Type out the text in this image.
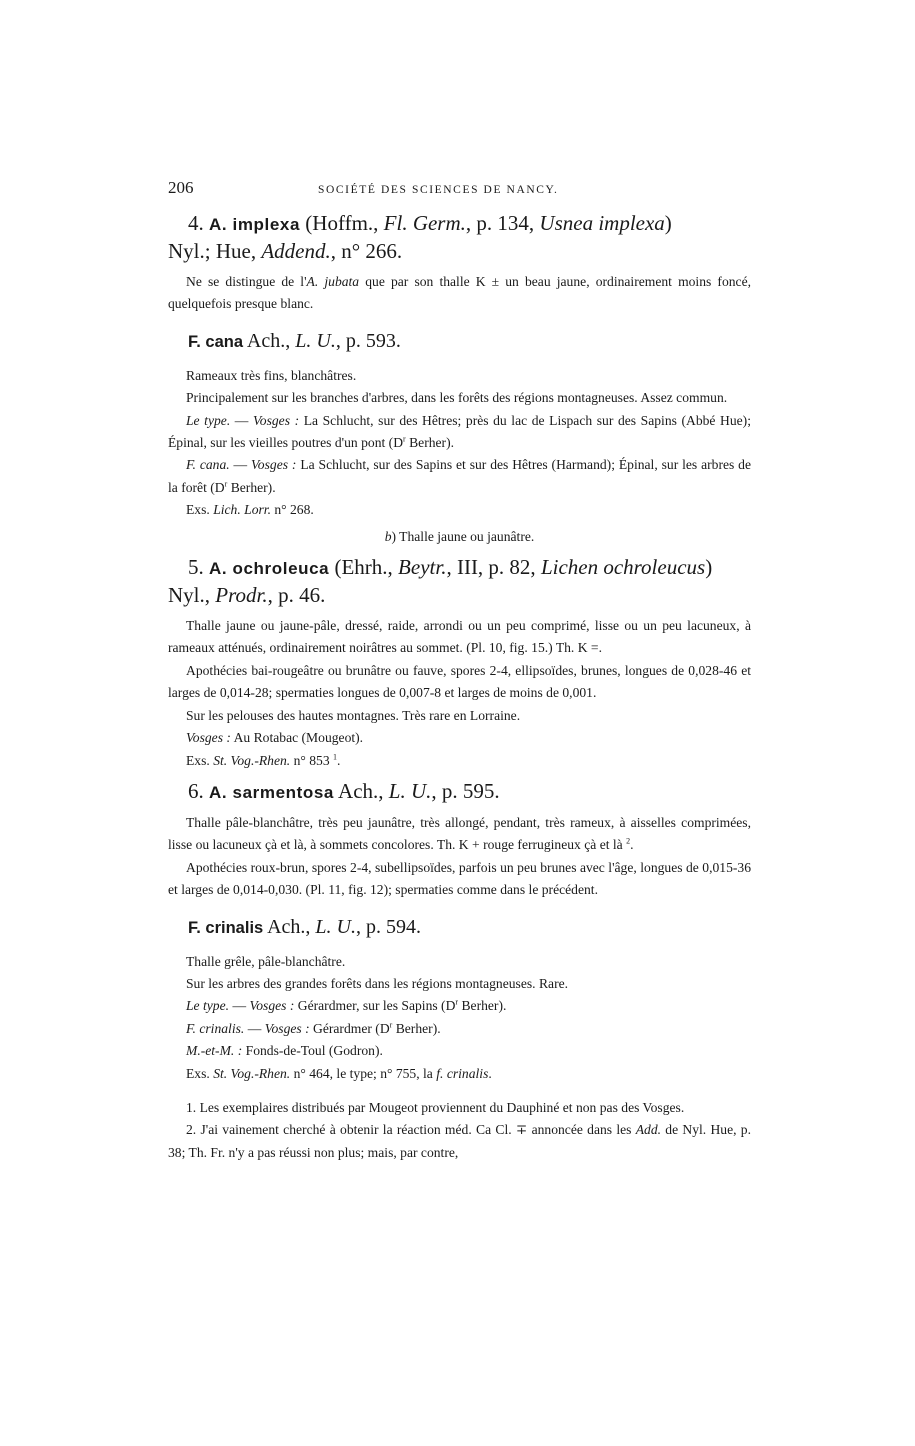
206	SOCIÉTÉ DES SCIENCES DE NANCY.
4. A. implexa (Hoffm., Fl. Germ., p. 134, Usnea implexa)
Nyl.; Hue, Addend., n° 266.

Ne se distingue de l'A. jubata que par son thalle K ± un beau jaune, ordinairement moins foncé, quelquefois presque blanc.

F. cana Ach., L. U., p. 593.

Rameaux très fins, blanchâtres.

Principalement sur les branches d'arbres, dans les forêts des régions montagneuses. Assez commun.

Le type. — Vosges : La Schlucht, sur des Hêtres; près du lac de Lispach sur des Sapins (Abbé Hue); Épinal, sur les vieilles poutres d'un pont ($D^r$ Berher).

F. cana. — Vosges : La Schlucht, sur des Sapins et sur des Hêtres (Harmand); Épinal, sur les arbres de la forêt ($D^r$ Berher).

Exs. Lich. Lorr. n° 268.

b) Thalle jaune ou jaunâtre.

5. A. ochroleuca (Ehrh., Beytr., III, p. 82, Lichen ochroleucus)
Nyl., Prodr., p. 46.

Thalle jaune ou jaune-pâle, dressé, raide, arrondi ou un peu comprimé, lisse ou un peu lacuneux, à rameaux atténués, ordinairement noirâtres au sommet. (Pl. 10, fig. 15.) Th. K =.

Apothécies bai-rougeâtre ou brunâtre ou fauve, spores 2-4, ellipsoïdes, brunes, longues de 0,028-46 et larges de 0,014-28; spermaties longues de 0,007-8 et larges de moins de 0,001.

Sur les pelouses des hautes montagnes. Très rare en Lorraine.

Vosges : Au Rotabac (Mougeot).

Exs. St. Vog.-Rhen. n° 853 $^1$.

6. A. sarmentosa Ach., L. U., p. 595.

Thalle pâle-blanchâtre, très peu jaunâtre, très allongé, pendant, très rameux, à aisselles comprimées, lisse ou lacuneux çà et là, à sommets concolores. Th. K + rouge ferrugineux çà et là $^2$.

Apothécies roux-brun, spores 2-4, subellipsoïdes, parfois un peu brunes avec l'âge, longues de 0,015-36 et larges de 0,014-0,030. (Pl. 11, fig. 12); spermaties comme dans le précédent.

F. crinalis Ach., L. U., p. 594.

Thalle grêle, pâle-blanchâtre.

Sur les arbres des grandes forêts dans les régions montagneuses. Rare.

Le type. — Vosges : Gérardmer, sur les Sapins ($D^r$ Berher).

F. crinalis. — Vosges : Gérardmer ($D^r$ Berher).

M.-et-M. : Fonds-de-Toul (Godron).

Exs. St. Vog.-Rhen. n° 464, le type; n° 755, la f. crinalis.

1. Les exemplaires distribués par Mougeot proviennent du Dauphiné et non pas des Vosges.

2. J'ai vainement cherché à obtenir la réaction méd. Ca Cl. ∓ annoncée dans les Add. de Nyl. Hue, p. 38; Th. Fr. n'y a pas réussi non plus; mais, par contre,
